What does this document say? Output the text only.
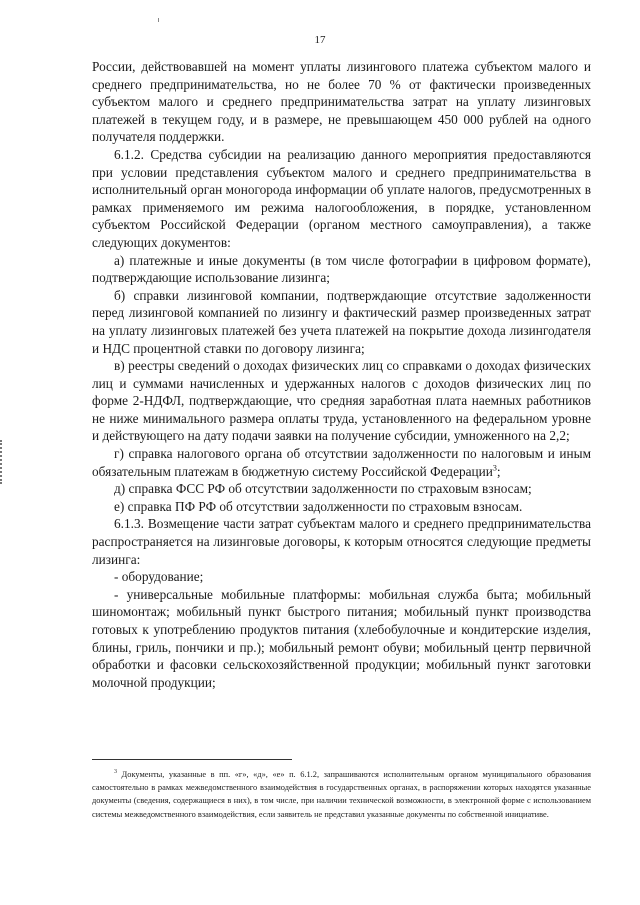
17

России, действовавшей на момент уплаты лизингового платежа субъектом малого и среднего предпринимательства, но не более 70 % от фактически произведенных субъектом малого и среднего предпринимательства затрат на уплату лизинговых платежей в текущем году, и в размере, не превышающем 450 000 рублей на одного получателя поддержки.

6.1.2. Средства субсидии на реализацию данного мероприятия предоставляются при условии представления субъектом малого и среднего предпринимательства в исполнительный орган моногорода информации об уплате налогов, предусмотренных в рамках применяемого им режима налогообложения, в порядке, установленном субъектом Российской Федерации (органом местного самоуправления), а также следующих документов:

а) платежные и иные документы (в том числе фотографии в цифровом формате), подтверждающие использование лизинга;

б) справки лизинговой компании, подтверждающие отсутствие задолженности перед лизинговой компанией по лизингу и фактический размер произведенных затрат на уплату лизинговых платежей без учета платежей на покрытие дохода лизингодателя и НДС процентной ставки по договору лизинга;

в) реестры сведений о доходах физических лиц со справками о доходах физических лиц и суммами начисленных и удержанных налогов с доходов физических лиц по форме 2-НДФЛ, подтверждающие, что средняя заработная плата наемных работников не ниже минимального размера оплаты труда, установленного на федеральном уровне и действующего на дату подачи заявки на получение субсидии, умноженного на 2,2;

г) справка налогового органа об отсутствии задолженности по налоговым и иным обязательным платежам в бюджетную систему Российской Федерации$^3$;

д) справка ФСС РФ об отсутствии задолженности по страховым взносам;

е) справка ПФ РФ об отсутствии задолженности по страховым взносам.

6.1.3. Возмещение части затрат субъектам малого и среднего предпринимательства распространяется на лизинговые договоры, к которым относятся следующие предметы лизинга:

- оборудование;

- универсальные мобильные платформы: мобильная служба быта; мобильный шиномонтаж; мобильный пункт быстрого питания; мобильный пункт производства готовых к употреблению продуктов питания (хлебобулочные и кондитерские изделия, блины, гриль, пончики и пр.); мобильный ремонт обуви; мобильный центр первичной обработки и фасовки сельскохозяйственной продукции; мобильный пункт заготовки молочной продукции;

$^3$ Документы, указанные в пп. «г», «д», «е» п. 6.1.2, запрашиваются исполнительным органом муниципального образования самостоятельно в рамках межведомственного взаимодействия в государственных органах, в распоряжении которых находятся указанные документы (сведения, содержащиеся в них), в том числе, при наличии технической возможности, в электронной форме с использованием системы межведомственного взаимодействия, если заявитель не представил указанные документы по собственной инициативе.
